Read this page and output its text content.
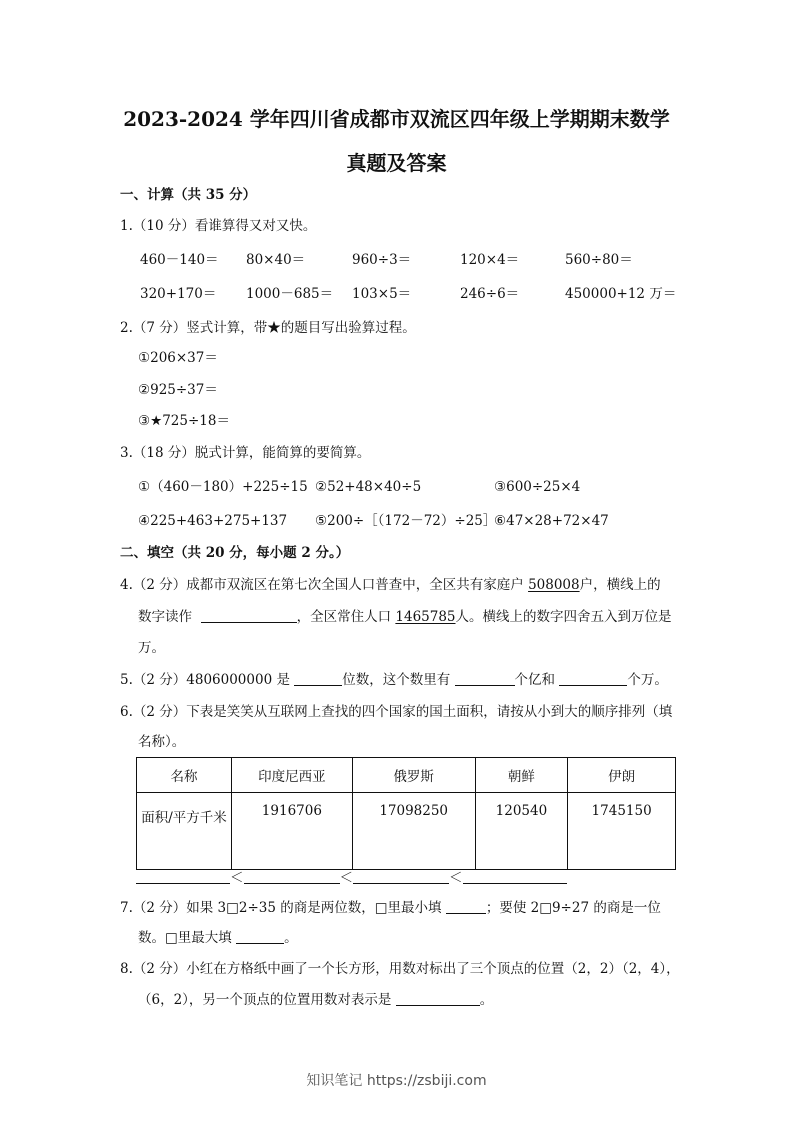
2023-2024 学年四川省成都市双流区四年级上学期期末数学
真题及答案
一、计算（共 35 分）
1.（10 分）看谁算得又对又快。
460－140＝ 80×40＝	960÷3＝	120×4＝	560÷80＝
320+170＝ 1000－685＝ 103×5＝	246÷6＝	450000+12 万＝
2.（7 分）竖式计算，带★的题目写出验算过程。
①206×37＝
②925÷37＝
③★725÷18＝
3.（18 分）脱式计算，能简算的要简算。
①（460－180）+225÷15 ②52+48×40÷5	③600÷25×4
④225+463+275+137 ⑤200÷［（172－72）÷25］
⑥47×28+72×47
二、填空（共 20 分，每小题 2 分。）
4.（2 分）成都市双流区在第七次全国人口普查中，全区共有家庭户 508008户，横线上的
数字读作	，全区常住人口 1465785人。横线上的数字四舍五入到万位是
万。
5.（2 分）4806000000 是	位数，这个数里有	个亿和	个万。
6.（2 分）下表是笑笑从互联网上查找的四个国家的国土面积，请按从小到大的顺序排列（填
名称）。
名称	印度尼西亚	俄罗斯	朝鲜	伊朗
面积/平方千米	1916706	17098250	120540	1745150
＜	＜	＜
7.（2 分）如果 3□2÷35 的商是两位数，□里最小填	；要使 2□9÷27 的商是一位
数。□里最大填	。
8.（2 分）小红在方格纸中画了一个长方形，用数对标出了三个顶点的位置（2，2）（2，4），
（6，2），另一个顶点的位置用数对表示是	。
知识笔记 https://zsbiji.com
